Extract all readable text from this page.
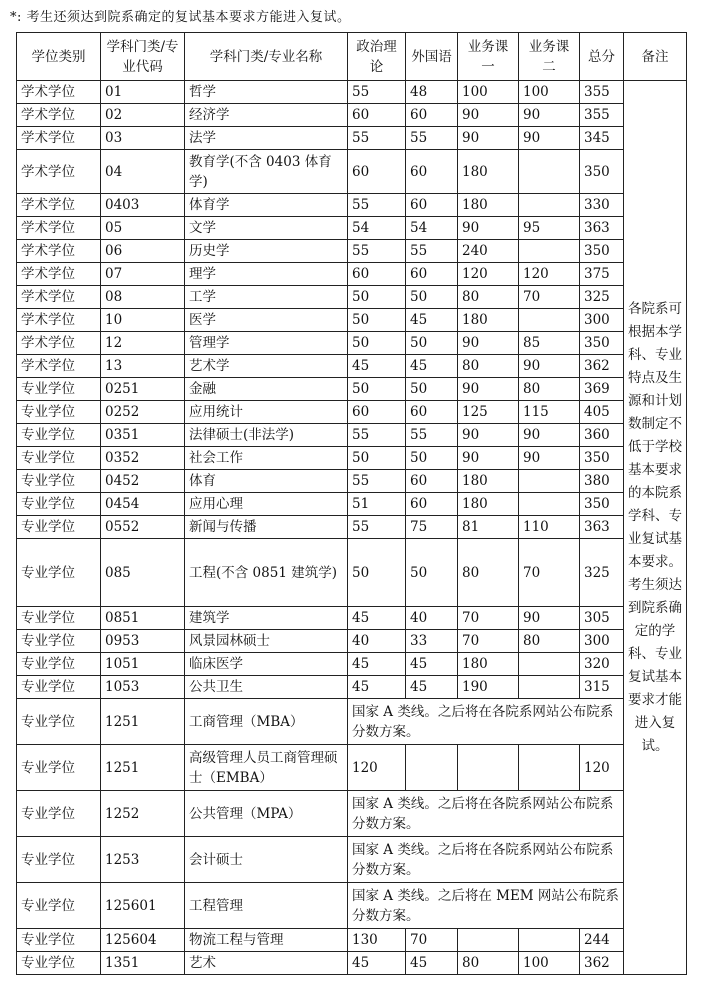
*: 考生还须达到院系确定的复试基本要求方能进入复试。
学位类别	学科门类/专业代码	学科门类/专业名称	政治理论	外国语	业务课一	业务课二	总分	备注
学术学位	01	哲学	55	48	100	100	355	各院系可根据本学科、专业特点及生源和计划数制定不低于学校基本要求的本院系学科、专业复试基本要求。考生须达到院系确定的学科、专业复试基本要求才能进入复试。
学术学位	02	经济学	60	60	90	90	355	
学术学位	03	法学	55	55	90	90	345	
学术学位	04	教育学(不含 0403 体育学)	60	60	180		350	
学术学位	0403	体育学	55	60	180		330	
学术学位	05	文学	54	54	90	95	363	
学术学位	06	历史学	55	55	240		350	
学术学位	07	理学	60	60	120	120	375	
学术学位	08	工学	50	50	80	70	325	
学术学位	10	医学	50	45	180		300	
学术学位	12	管理学	50	50	90	85	350	
学术学位	13	艺术学	45	45	80	90	362	
专业学位	0251	金融	50	50	90	80	369	
专业学位	0252	应用统计	60	60	125	115	405	
专业学位	0351	法律硕士(非法学)	55	55	90	90	360	
专业学位	0352	社会工作	50	50	90	90	350	
专业学位	0452	体育	55	60	180		380	
专业学位	0454	应用心理	51	60	180		350	
专业学位	0552	新闻与传播	55	75	81	110	363	
专业学位	085	工程(不含 0851 建筑学)	50	50	80	70	325	
专业学位	0851	建筑学	45	40	70	90	305	
专业学位	0953	风景园林硕士	40	33	70	80	300	
专业学位	1051	临床医学	45	45	180		320	
专业学位	1053	公共卫生	45	45	190		315	
专业学位	1251	工商管理（MBA）	国家 A 类线。之后将在各院系网站公布院系分数方案。					
专业学位	1251	高级管理人员工商管理硕士（EMBA）	120				120	
专业学位	1252	公共管理（MPA）	国家 A 类线。之后将在各院系网站公布院系分数方案。					
专业学位	1253	会计硕士	国家 A 类线。之后将在各院系网站公布院系分数方案。					
专业学位	125601	工程管理	国家 A 类线。之后将在 MEM 网站公布院系分数方案。					
专业学位	125604	物流工程与管理	130	70			244	
专业学位	1351	艺术	45	45	80	100	362	
